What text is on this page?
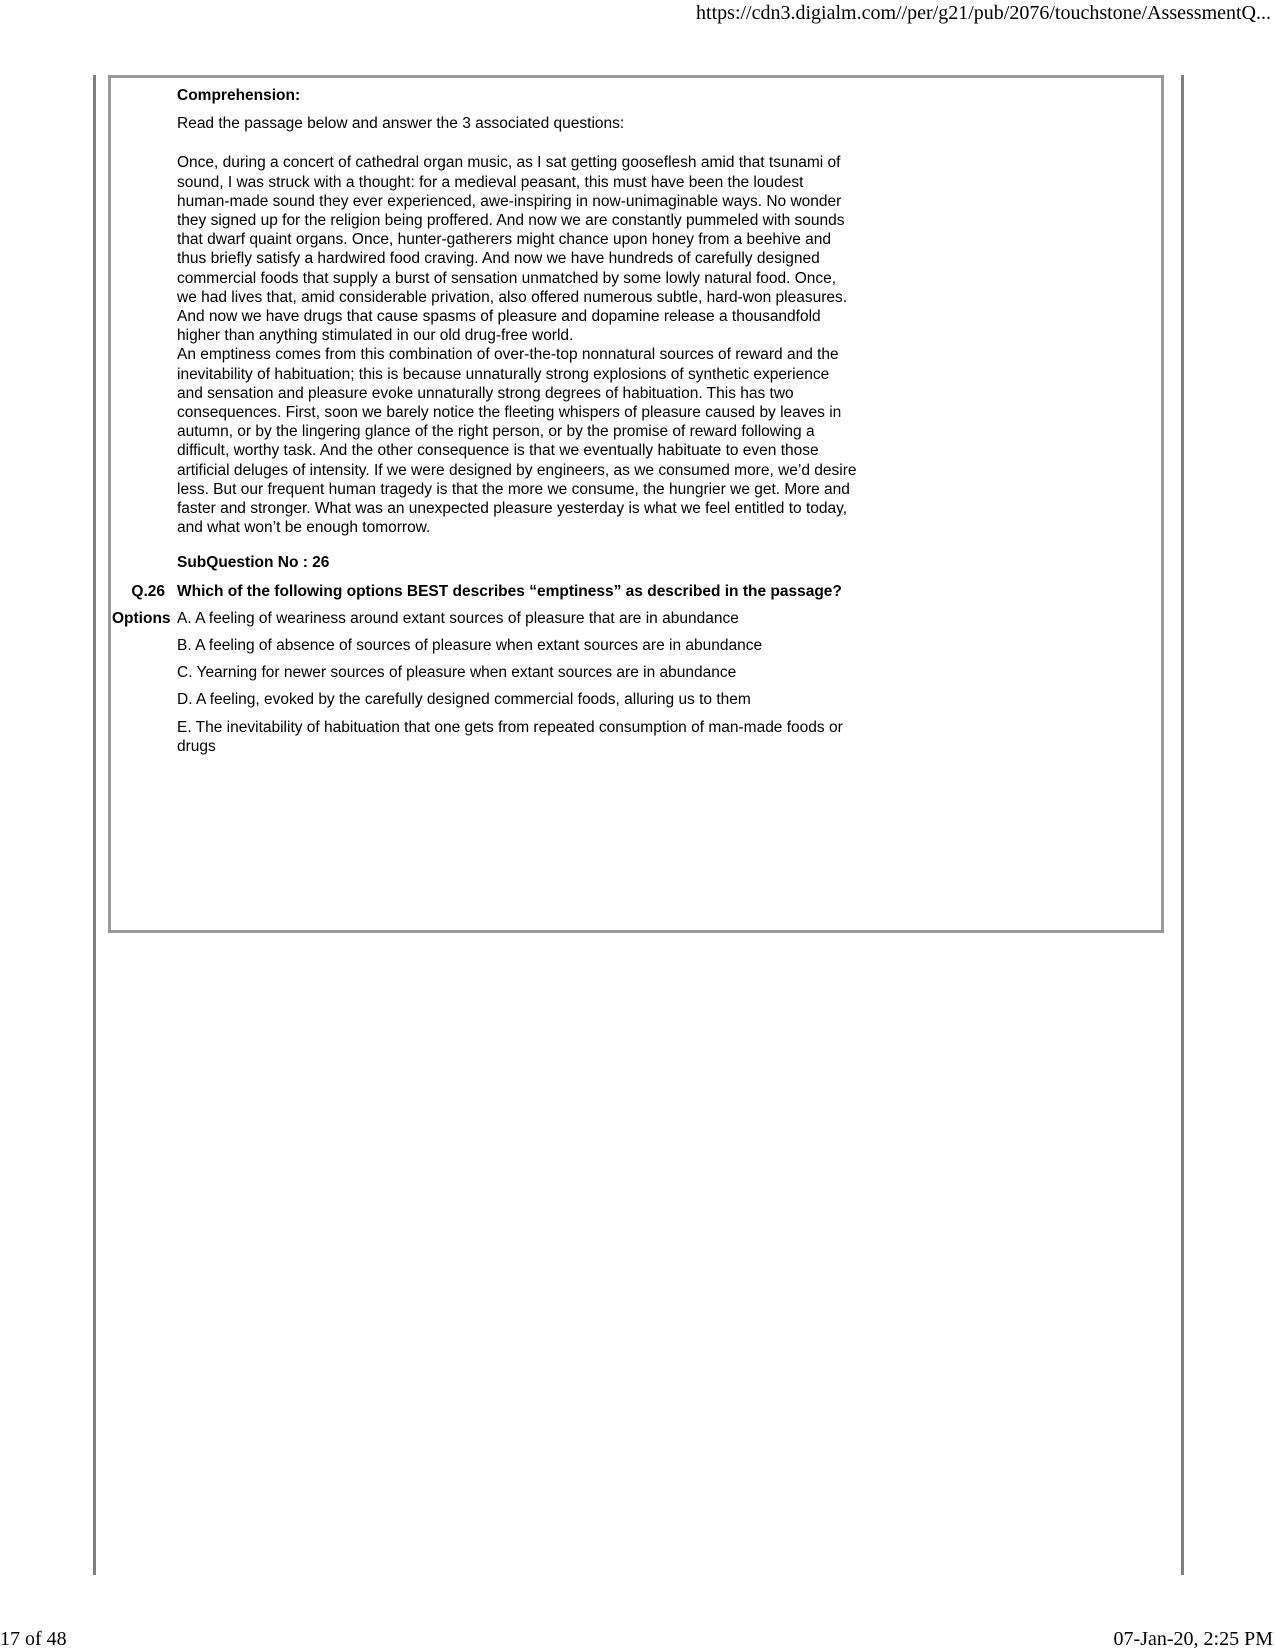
https://cdn3.digialm.com//per/g21/pub/2076/touchstone/AssessmentQ...

Comprehension:

Read the passage below and answer the 3 associated questions:

Once, during a concert of cathedral organ music, as I sat getting gooseflesh amid that tsunami of sound, I was struck with a thought: for a medieval peasant, this must have been the loudest human-made sound they ever experienced, awe-inspiring in now-unimaginable ways. No wonder they signed up for the religion being proffered. And now we are constantly pummeled with sounds that dwarf quaint organs. Once, hunter-gatherers might chance upon honey from a beehive and thus briefly satisfy a hardwired food craving. And now we have hundreds of carefully designed commercial foods that supply a burst of sensation unmatched by some lowly natural food. Once, we had lives that, amid considerable privation, also offered numerous subtle, hard-won pleasures. And now we have drugs that cause spasms of pleasure and dopamine release a thousandfold higher than anything stimulated in our old drug-free world.

An emptiness comes from this combination of over-the-top nonnatural sources of reward and the inevitability of habituation; this is because unnaturally strong explosions of synthetic experience and sensation and pleasure evoke unnaturally strong degrees of habituation. This has two consequences. First, soon we barely notice the fleeting whispers of pleasure caused by leaves in autumn, or by the lingering glance of the right person, or by the promise of reward following a difficult, worthy task. And the other consequence is that we eventually habituate to even those artificial deluges of intensity. If we were designed by engineers, as we consumed more, we’d desire less. But our frequent human tragedy is that the more we consume, the hungrier we get. More and faster and stronger. What was an unexpected pleasure yesterday is what we feel entitled to today, and what won’t be enough tomorrow.

SubQuestion No : 26

Q.26 Which of the following options BEST describes “emptiness” as described in the passage?

Options A. A feeling of weariness around extant sources of pleasure that are in abundance

B. A feeling of absence of sources of pleasure when extant sources are in abundance

C. Yearning for newer sources of pleasure when extant sources are in abundance

D. A feeling, evoked by the carefully designed commercial foods, alluring us to them

E. The inevitability of habituation that one gets from repeated consumption of man-made foods or drugs

17 of 48	07-Jan-20, 2:25 PM
